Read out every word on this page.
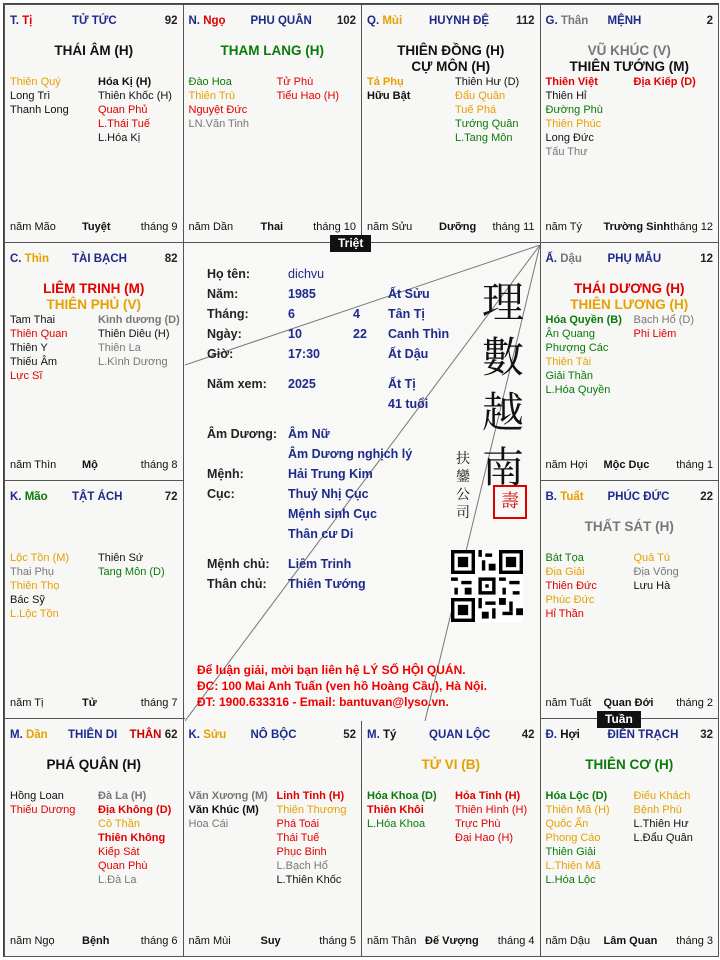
T. Tị	TỬ TỨC	92
THÁI ÂM (H)
Thiên Quý
Long Trì
Thanh Long
Hóa Kị (H)
Thiên Khốc (H)
Quan Phủ
L.Thái Tuế
L.Hóa Kị
năm Mão Tuyệt	tháng 9
N. Ngọ PHU QUÂN 102
THAM LANG (H)
Đào Hoa
Thiên Trù
Nguyệt Đức
LN.Văn Tinh
Tử Phù
Tiểu Hao (H)
năm Dần Thai	tháng 10
Q. Mùi HUYNH ĐỆ 112
THIÊN ĐỒNG (H)
CỰ MÔN (H)
Tả Phụ
Hữu Bật
Thiên Hư (D)
Đẩu Quân
Tuế Phá
Tướng Quân
L.Tang Môn
năm Sửu Dưỡng tháng 11
G. Thân MỆNH	2
VŨ KHÚC (V)
THIÊN TƯỚNG (M)
Thiên Việt
Thiên Hỉ
Đường Phù
Thiên Phúc
Long Đức
Tấu Thư
Địa Kiếp (D)
năm Tý Trường Sinh tháng 12
C. Thìn TÀI BẠCH	82
LIÊM TRINH (M)
THIÊN PHỦ (V)
Tam Thai
Thiên Quan
Thiên Y
Thiếu Âm
Lực Sĩ
Kình dương (D)
Thiên Diêu (H)
Thiên La
L.Kình Dương
năm Thìn Mộ	tháng 8
Ấ. Dậu PHỤ MẪU	12
THÁI DƯƠNG (H)
THIÊN LƯƠNG (H)
Hóa Quyền (B)
Ân Quang
Phượng Các
Thiên Tài
Giải Thần
L.Hóa Quyền
Bạch Hổ (D)
Phi Liêm
năm Hợi Mộc Dục tháng 1
K. Mão TẬT ÁCH	72
Lộc Tồn (M)
Thai Phụ
Thiên Thọ
Bác Sỹ
L.Lộc Tồn
Thiên Sứ
Tang Môn (D)
năm Tị	Tử	tháng 7
B. Tuất PHÚC ĐỨC	22
THẤT SÁT (H)
Bát Tọa
Địa Giải
Thiên Đức
Phúc Đức
Hỉ Thần
Quả Tú
Địa Võng
Lưu Hà
năm Tuất Quan Đới tháng 2
M. Dần THIÊN DI THÂN 62
PHÁ QUÂN (H)
Hồng Loan
Thiếu Dương
Đà La (H)
Địa Không (D)
Cô Thần
Thiên Không
Kiếp Sát
Quan Phù
L.Đà La
năm Ngọ Bệnh	tháng 6
K. Sửu NÔ BỘC	52
Văn Xương (M)
Văn Khúc (M)
Hoa Cái
Linh Tinh (H)
Thiên Thương
Phá Toái
Thái Tuế
Phục Binh
L.Bạch Hổ
L.Thiên Khốc
năm Mùi	Suy	tháng 5
M. Tý	QUAN LỘC	42
TỬ VI (B)
Hóa Khoa (D)
Thiên Khôi
L.Hóa Khoa
Hỏa Tinh (H)
Thiên Hình (H)
Trực Phù
Đại Hao (H)
năm Thân Đế Vượng tháng 4
Đ. Hợi ĐIỀN TRẠCH 32
THIÊN CƠ (H)
Hóa Lộc (D)
Thiên Mã (H)
Quốc Ấn
Phong Cáo
Thiên Giải
L.Thiên Mã
L.Hóa Lộc
Điếu Khách
Bệnh Phù
L.Thiên Hư
L.Đẩu Quân
năm Dậu Lâm Quan tháng 3
Họ tên:	dichvu
Năm:	1985	Ất Sửu
Tháng:	6	4 Tân Tị
Ngày:	10	22 Canh Thìn
Giờ:	17:30	Ất Dậu
Năm xem: 2025	Ất Tị
41 tuổi
Âm Dương: Âm Nữ
Âm Dương nghịch lý
Mệnh:	Hải Trung Kim
Cục:	Thuỷ Nhị Cục
Mệnh sinh Cục
Thân cư Di
Mệnh chủ: Liêm Trinh
Thân chủ: Thiên Tướng
理
數
越
南
扶
鑾
公
司
壽
Để luận giải, mời bạn liên hệ LÝ SỐ HỘI QUÁN.
ĐC: 100 Mai Anh Tuấn (ven hồ Hoàng Cầu), Hà Nội.
ĐT: 1900.633316 - Email: bantuvan@lyso.vn.
Triệt
Tuần
